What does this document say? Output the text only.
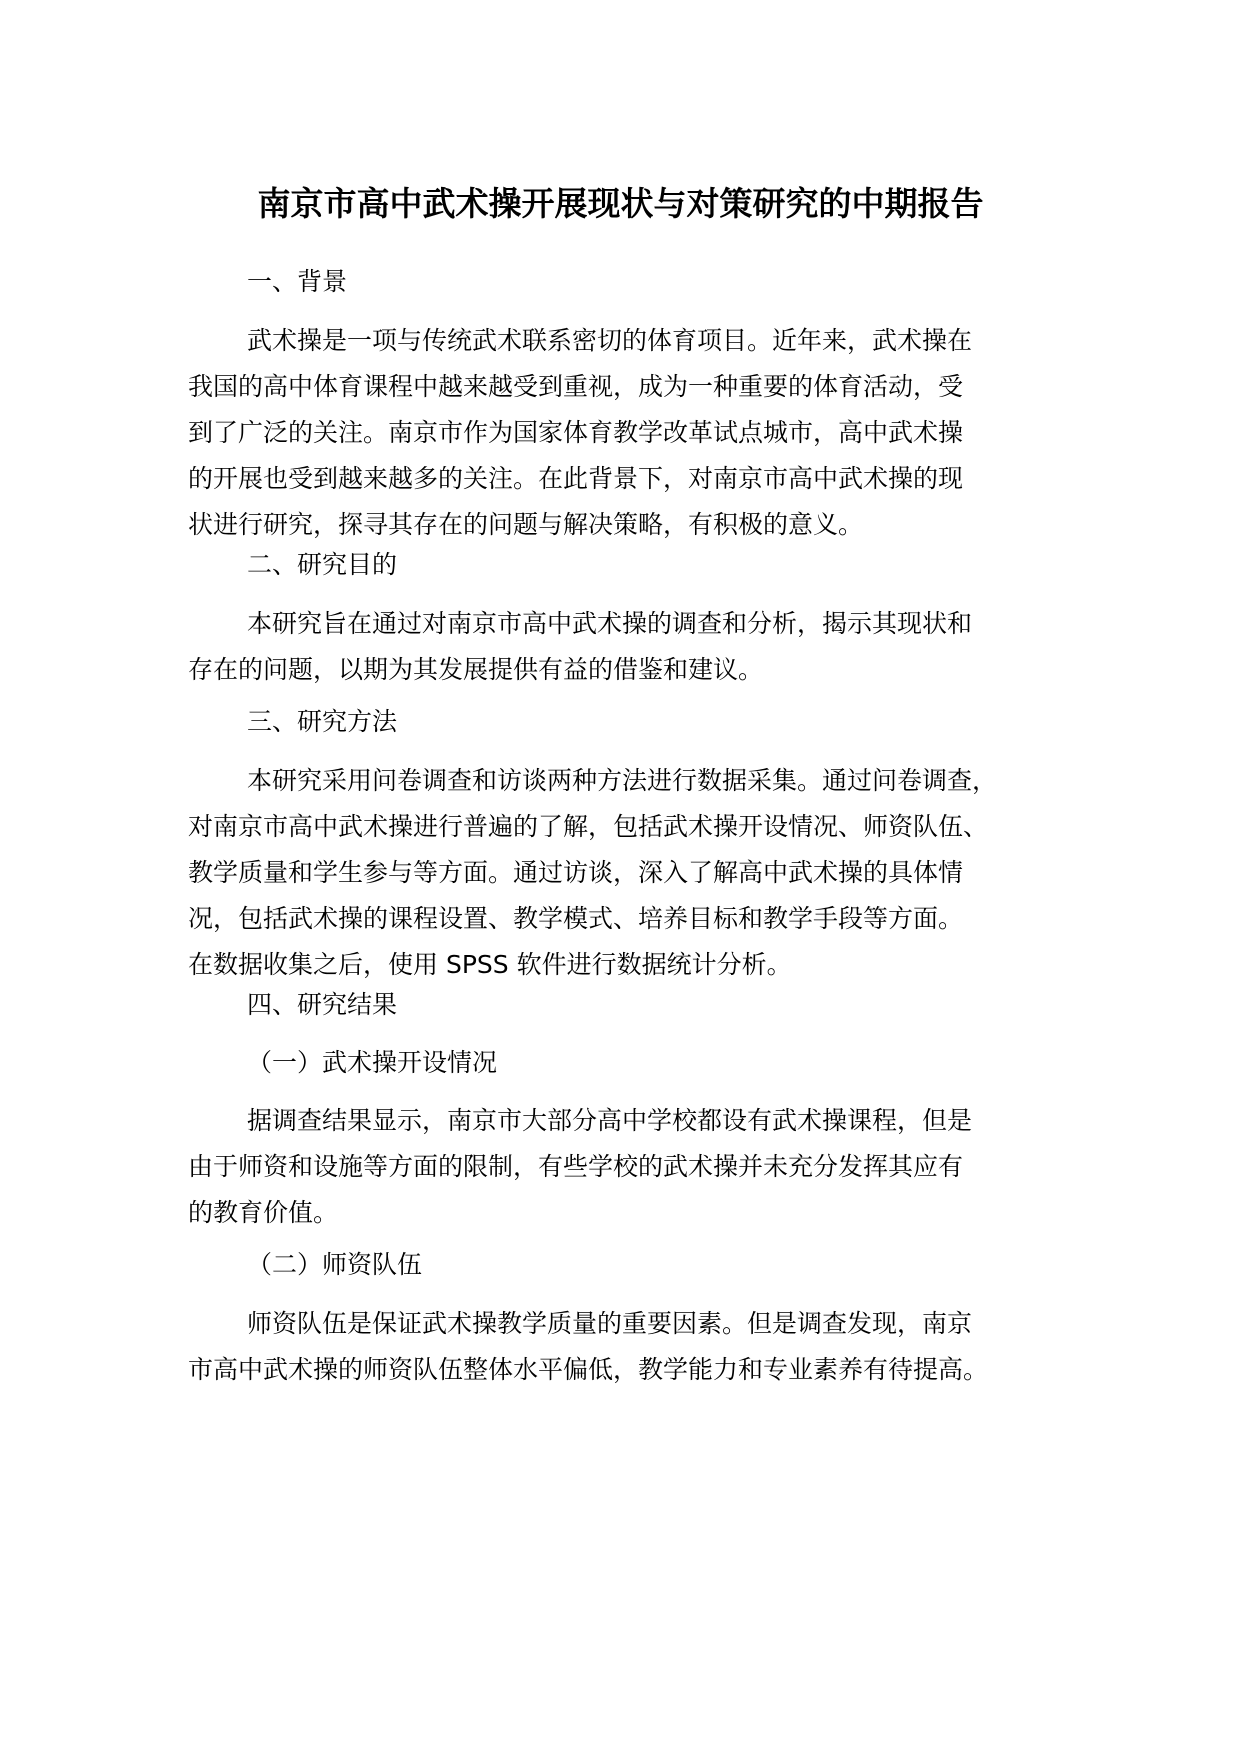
南京市高中武术操开展现状与对策研究的中期报告

一、背景

武术操是一项与传统武术联系密切的体育项目。近年来，武术操在
我国的高中体育课程中越来越受到重视，成为一种重要的体育活动，受
到了广泛的关注。南京市作为国家体育教学改革试点城市，高中武术操
的开展也受到越来越多的关注。在此背景下，对南京市高中武术操的现
状进行研究，探寻其存在的问题与解决策略，有积极的意义。

二、研究目的

本研究旨在通过对南京市高中武术操的调查和分析，揭示其现状和
存在的问题，以期为其发展提供有益的借鉴和建议。

三、研究方法

本研究采用问卷调查和访谈两种方法进行数据采集。通过问卷调查，
对南京市高中武术操进行普遍的了解，包括武术操开设情况、师资队伍、
教学质量和学生参与等方面。通过访谈，深入了解高中武术操的具体情
况，包括武术操的课程设置、教学模式、培养目标和教学手段等方面。
在数据收集之后，使用 SPSS 软件进行数据统计分析。

四、研究结果

（一）武术操开设情况

据调查结果显示，南京市大部分高中学校都设有武术操课程，但是
由于师资和设施等方面的限制，有些学校的武术操并未充分发挥其应有
的教育价值。

（二）师资队伍

师资队伍是保证武术操教学质量的重要因素。但是调查发现，南京
市高中武术操的师资队伍整体水平偏低，教学能力和专业素养有待提高。
